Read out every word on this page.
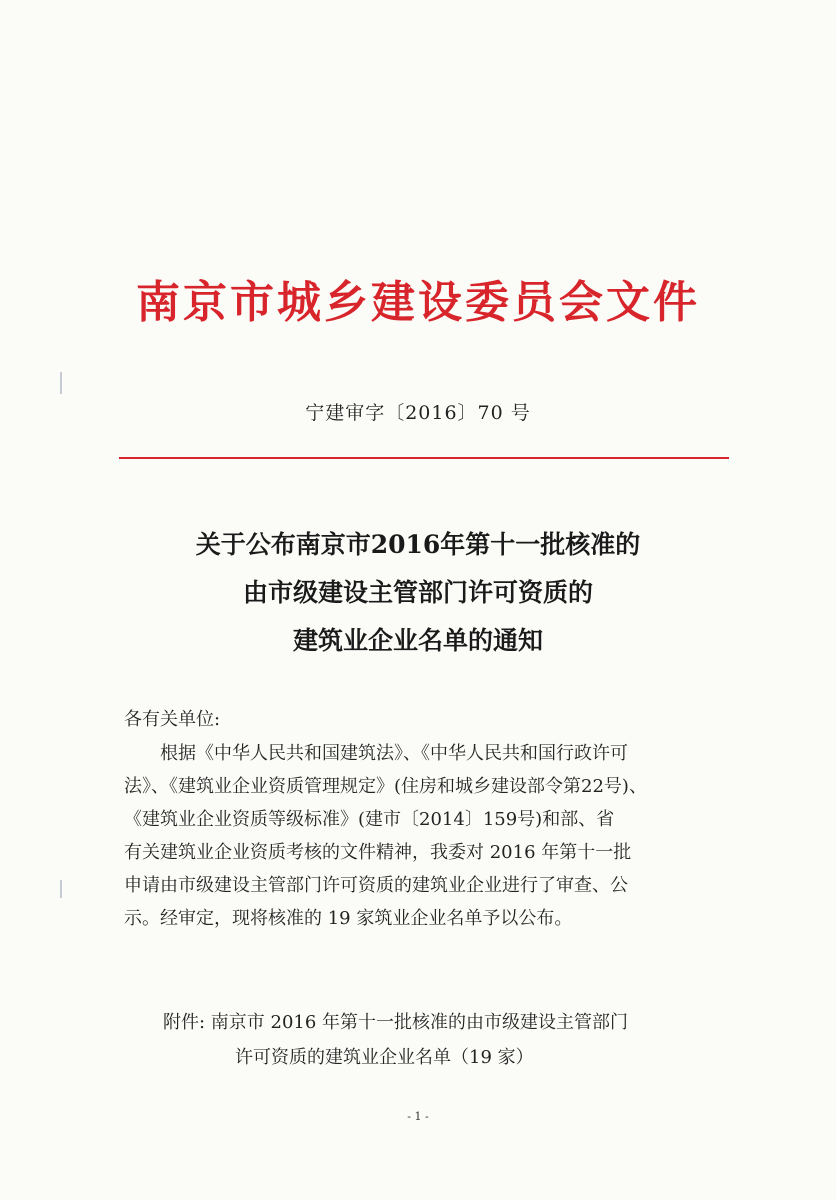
南京市城乡建设委员会文件
宁建审字〔2016〕70 号
关于公布南京市2016年第十一批核准的
由市级建设主管部门许可资质的
建筑业企业名单的通知
各有关单位:
　　根据《中华人民共和国建筑法》、《中华人民共和国行政许可
法》、《建筑业企业资质管理规定》(住房和城乡建设部令第22号)、
《建筑业企业资质等级标准》(建市〔2014〕159号)和部、省
有关建筑业企业资质考核的文件精神，我委对 2016 年第十一批
申请由市级建设主管部门许可资质的建筑业企业进行了审查、公
示。经审定，现将核准的 19 家筑业企业名单予以公布。
附件: 南京市 2016 年第十一批核准的由市级建设主管部门
许可资质的建筑业企业名单（19 家）
- 1 -
